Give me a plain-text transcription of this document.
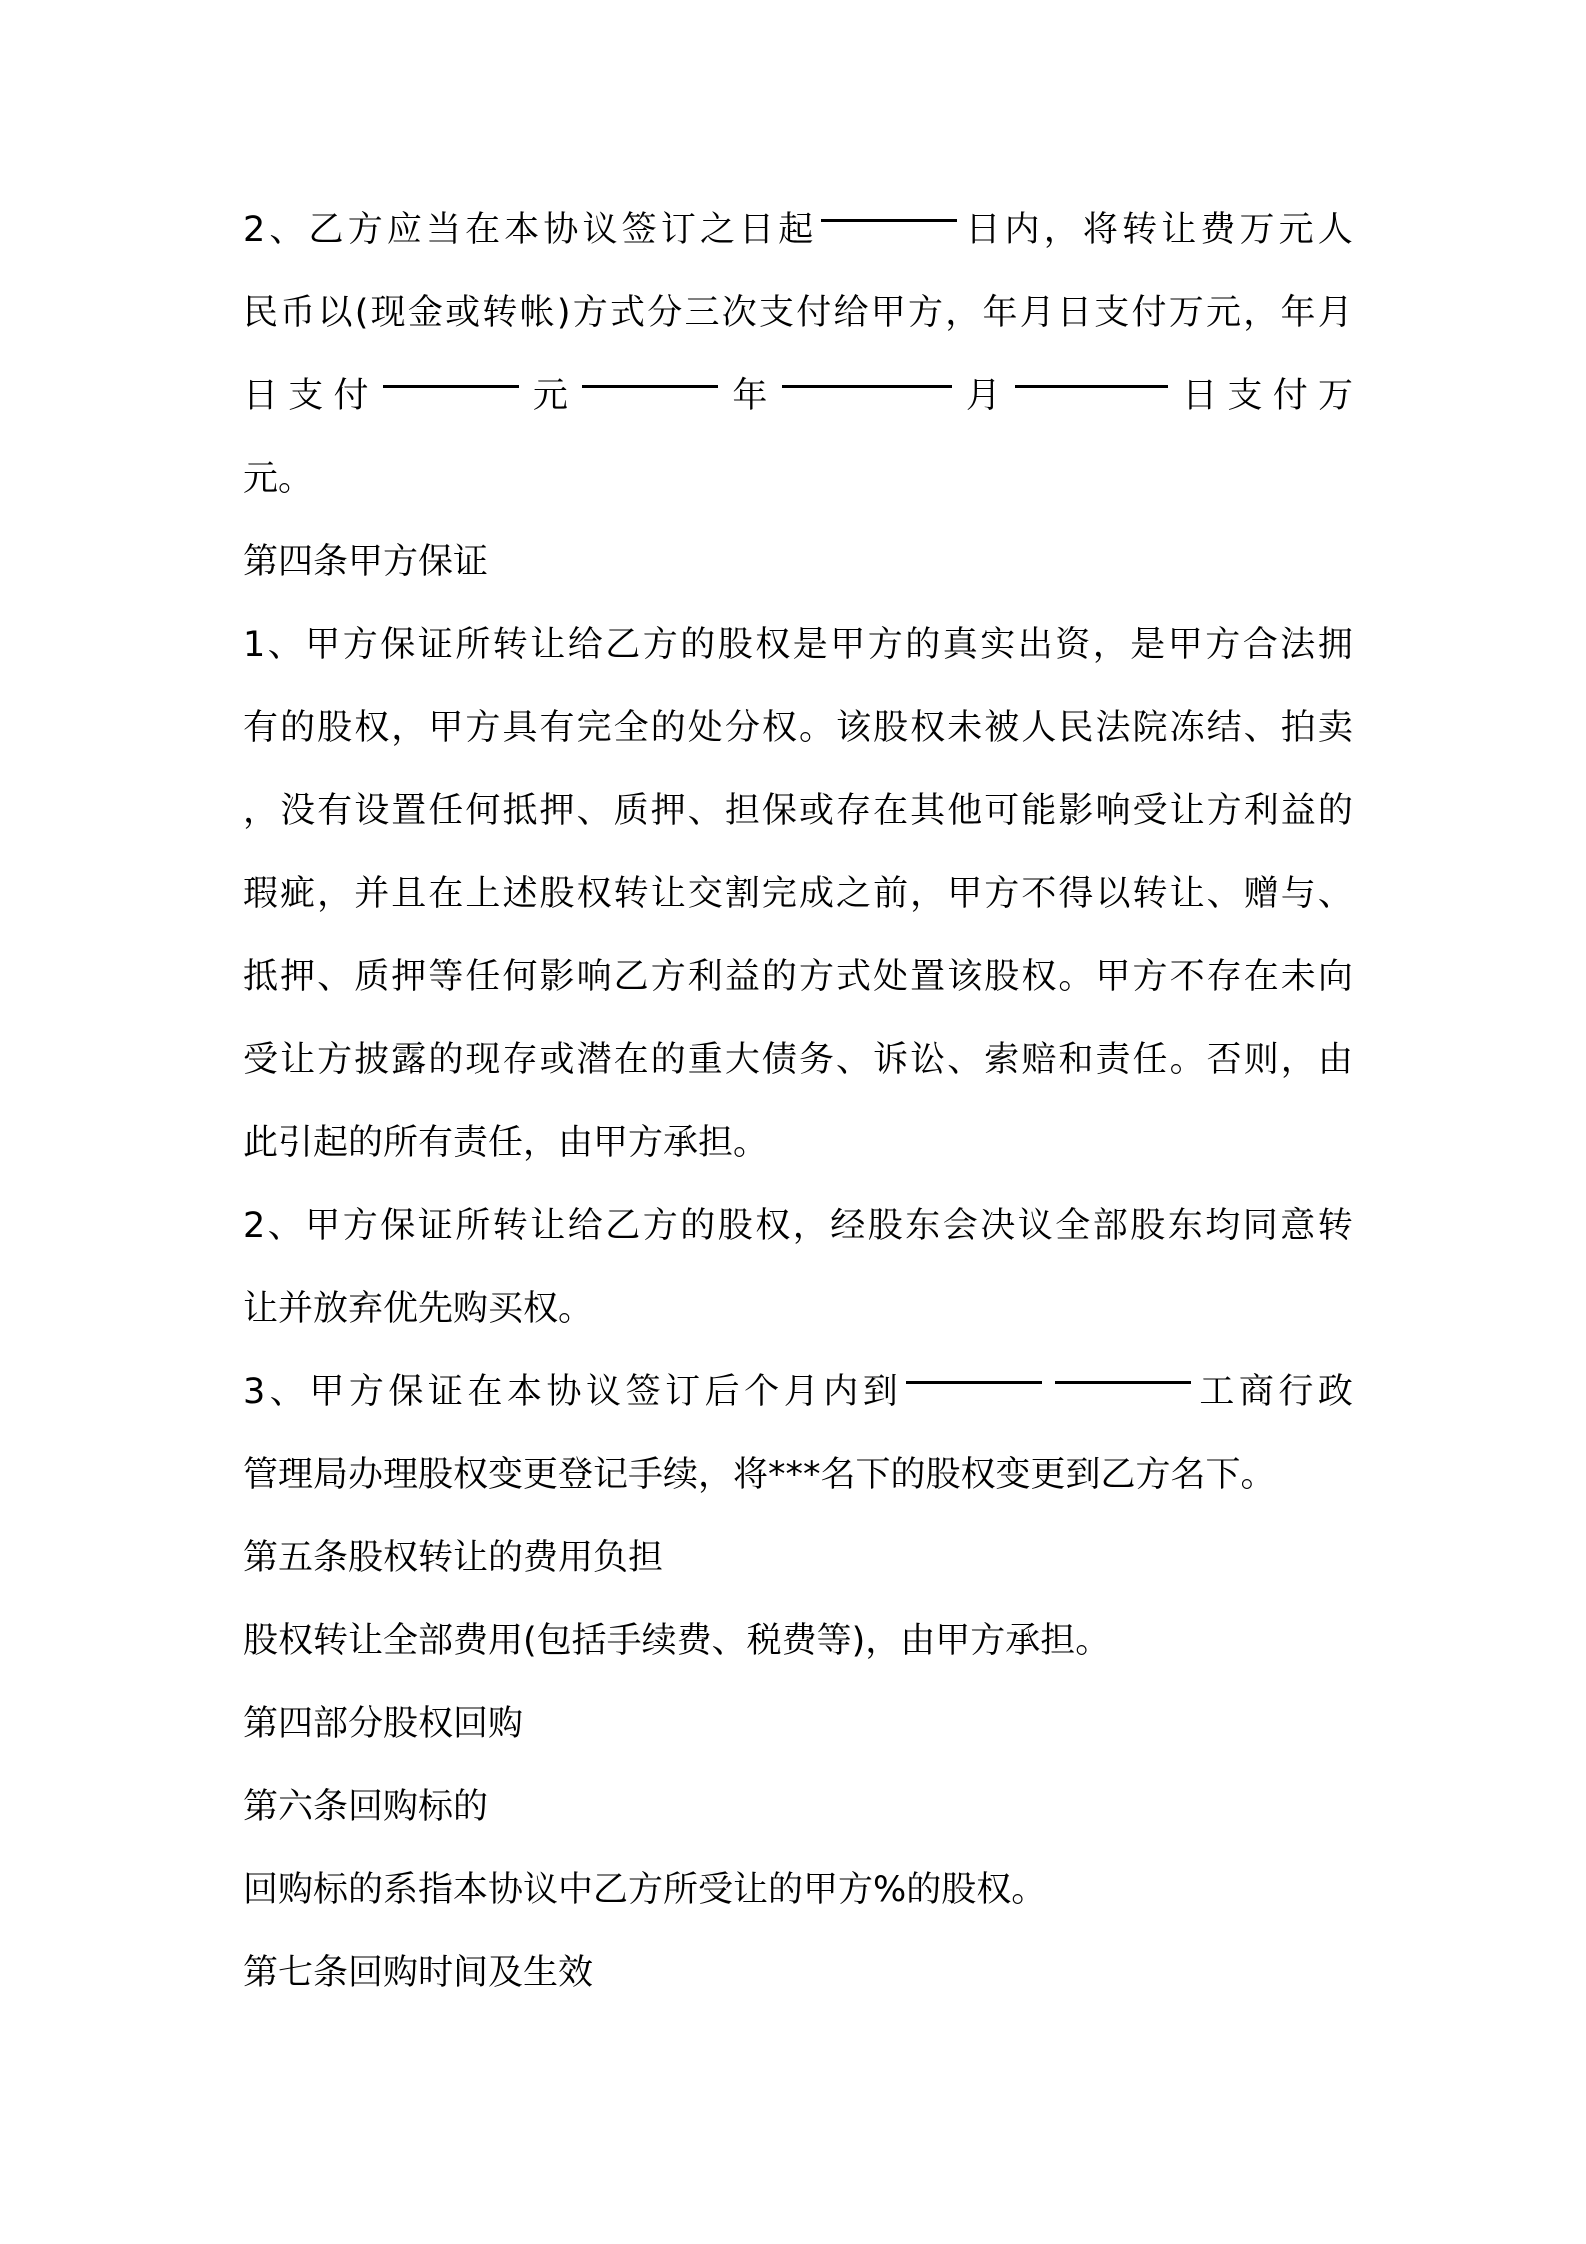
2 、 乙 方 应 当 在 本 协 议 签 订 之 日 起	日 内 ， 将 转 让 费 万 元 人
民 币 以 ( 现 金 或 转 帐 ) 方 式 分 三 次 支 付 给 甲 方 ， 年 月 日 支 付 万 元 ， 年 月
日 支 付	元	年	月	日 支 付 万
元。
第四条甲方保证
1 、 甲 方 保 证 所 转 让 给 乙 方 的 股 权 是 甲 方 的 真 实 出 资 ， 是 甲 方 合 法 拥
有 的 股 权 ， 甲 方 具 有 完 全 的 处 分 权 。 该 股 权 未 被 人 民 法 院 冻 结 、 拍 卖
， 没 有 设 置 任 何 抵 押 、 质 押 、 担 保 或 存 在 其 他 可 能 影 响 受 让 方 利 益 的
瑕 疵 ， 并 且 在 上 述 股 权 转 让 交 割 完 成 之 前 ， 甲 方 不 得 以 转 让 、 赠 与 、
抵 押 、 质 押 等 任 何 影 响 乙 方 利 益 的 方 式 处 置 该 股 权 。 甲 方 不 存 在 未 向
受 让 方 披 露 的 现 存 或 潜 在 的 重 大 债 务 、 诉 讼 、 索 赔 和 责 任 。 否 则 ， 由
此引起的所有责任，由甲方承担。
2 、 甲 方 保 证 所 转 让 给 乙 方 的 股 权 ， 经 股 东 会 决 议 全 部 股 东 均 同 意 转
让并放弃优先购买权。
3 、 甲 方 保 证 在 本 协 议 签 订 后 个 月 内 到	工 商 行 政
管理局办理股权变更登记手续，将***名下的股权变更到乙方名下。
第五条股权转让的费用负担
股权转让全部费用(包括手续费、税费等)，由甲方承担。
第四部分股权回购
第六条回购标的
回购标的系指本协议中乙方所受让的甲方%的股权。
第七条回购时间及生效
